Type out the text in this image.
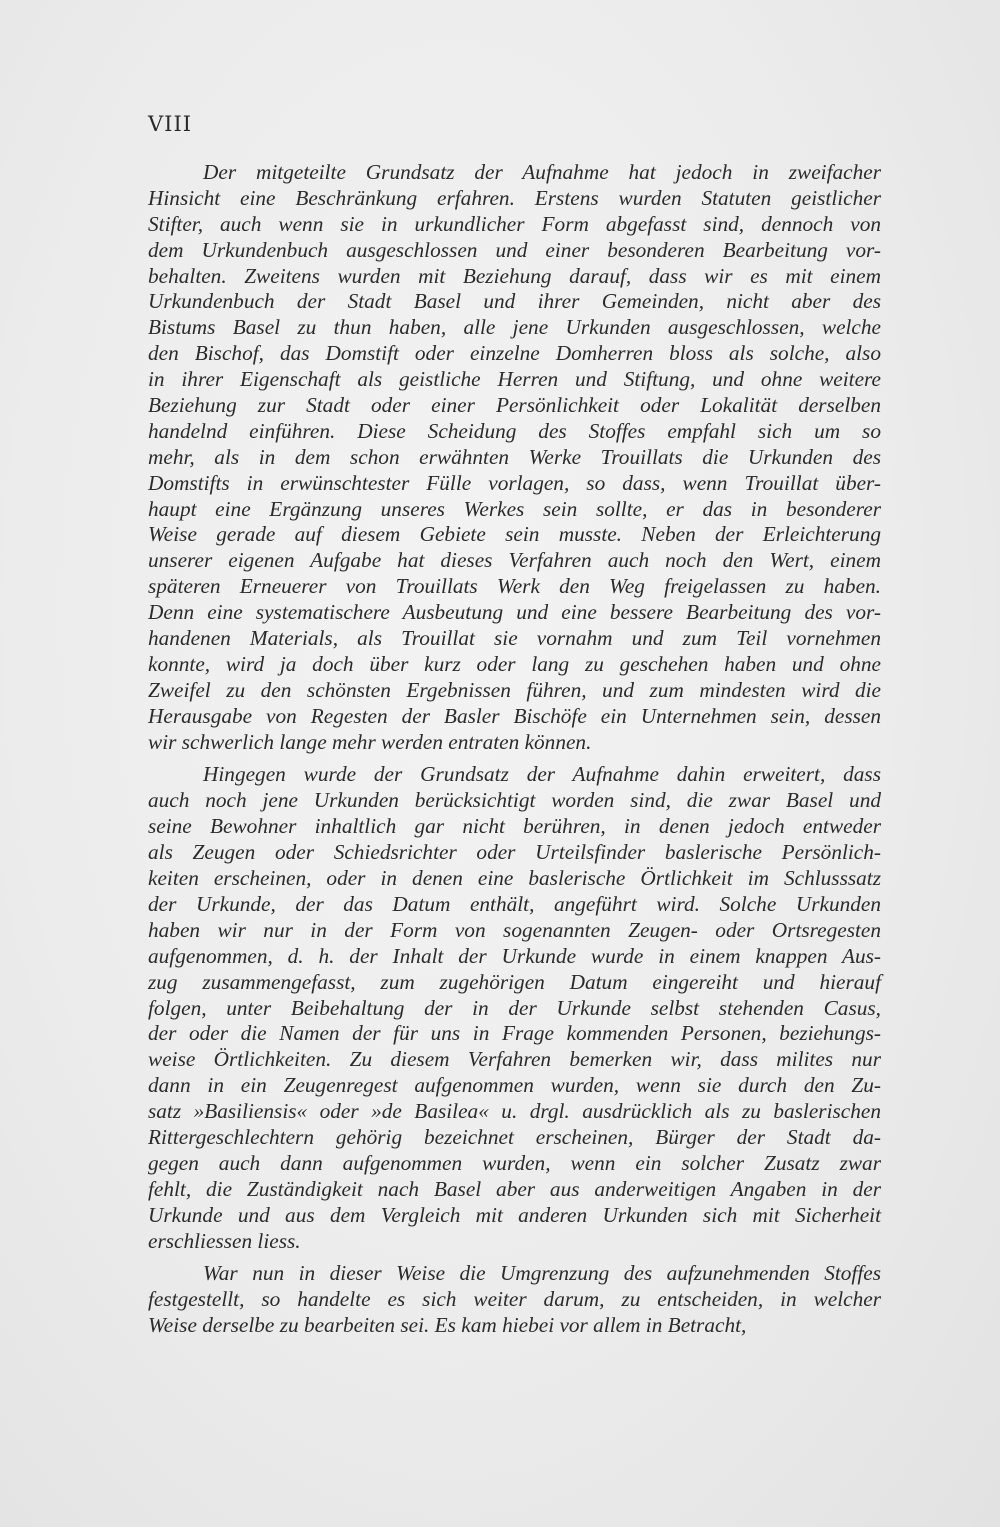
VIII
Der mitgeteilte Grundsatz der Aufnahme hat jedoch in zweifacher
Hinsicht eine Beschränkung erfahren. Erstens wurden Statuten geistlicher
Stifter, auch wenn sie in urkundlicher Form abgefasst sind, dennoch von
dem Urkundenbuch ausgeschlossen und einer besonderen Bearbeitung vor-
behalten. Zweitens wurden mit Beziehung darauf, dass wir es mit einem
Urkundenbuch der Stadt Basel und ihrer Gemeinden, nicht aber des
Bistums Basel zu thun haben, alle jene Urkunden ausgeschlossen, welche
den Bischof, das Domstift oder einzelne Domherren bloss als solche, also
in ihrer Eigenschaft als geistliche Herren und Stiftung, und ohne weitere
Beziehung zur Stadt oder einer Persönlichkeit oder Lokalität derselben
handelnd einführen. Diese Scheidung des Stoffes empfahl sich um so
mehr, als in dem schon erwähnten Werke Trouillats die Urkunden des
Domstifts in erwünschtester Fülle vorlagen, so dass, wenn Trouillat über-
haupt eine Ergänzung unseres Werkes sein sollte, er das in besonderer
Weise gerade auf diesem Gebiete sein musste. Neben der Erleichterung
unserer eigenen Aufgabe hat dieses Verfahren auch noch den Wert, einem
späteren Erneuerer von Trouillats Werk den Weg freigelassen zu haben.
Denn eine systematischere Ausbeutung und eine bessere Bearbeitung des vor-
handenen Materials, als Trouillat sie vornahm und zum Teil vornehmen
konnte, wird ja doch über kurz oder lang zu geschehen haben und ohne
Zweifel zu den schönsten Ergebnissen führen, und zum mindesten wird die
Herausgabe von Regesten der Basler Bischöfe ein Unternehmen sein, dessen
wir schwerlich lange mehr werden entraten können.
Hingegen wurde der Grundsatz der Aufnahme dahin erweitert, dass
auch noch jene Urkunden berücksichtigt worden sind, die zwar Basel und
seine Bewohner inhaltlich gar nicht berühren, in denen jedoch entweder
als Zeugen oder Schiedsrichter oder Urteilsfinder baslerische Persönlich-
keiten erscheinen, oder in denen eine baslerische Örtlichkeit im Schlusssatz
der Urkunde, der das Datum enthält, angeführt wird. Solche Urkunden
haben wir nur in der Form von sogenannten Zeugen- oder Ortsregesten
aufgenommen, d. h. der Inhalt der Urkunde wurde in einem knappen Aus-
zug zusammengefasst, zum zugehörigen Datum eingereiht und hierauf
folgen, unter Beibehaltung der in der Urkunde selbst stehenden Casus,
der oder die Namen der für uns in Frage kommenden Personen, beziehungs-
weise Örtlichkeiten. Zu diesem Verfahren bemerken wir, dass milites nur
dann in ein Zeugenregest aufgenommen wurden, wenn sie durch den Zu-
satz »Basiliensis« oder »de Basilea« u. drgl. ausdrücklich als zu baslerischen
Rittergeschlechtern gehörig bezeichnet erscheinen, Bürger der Stadt da-
gegen auch dann aufgenommen wurden, wenn ein solcher Zusatz zwar
fehlt, die Zuständigkeit nach Basel aber aus anderweitigen Angaben in der
Urkunde und aus dem Vergleich mit anderen Urkunden sich mit Sicherheit
erschliessen liess.
War nun in dieser Weise die Umgrenzung des aufzunehmenden Stoffes
festgestellt, so handelte es sich weiter darum, zu entscheiden, in welcher
Weise derselbe zu bearbeiten sei. Es kam hiebei vor allem in Betracht,
